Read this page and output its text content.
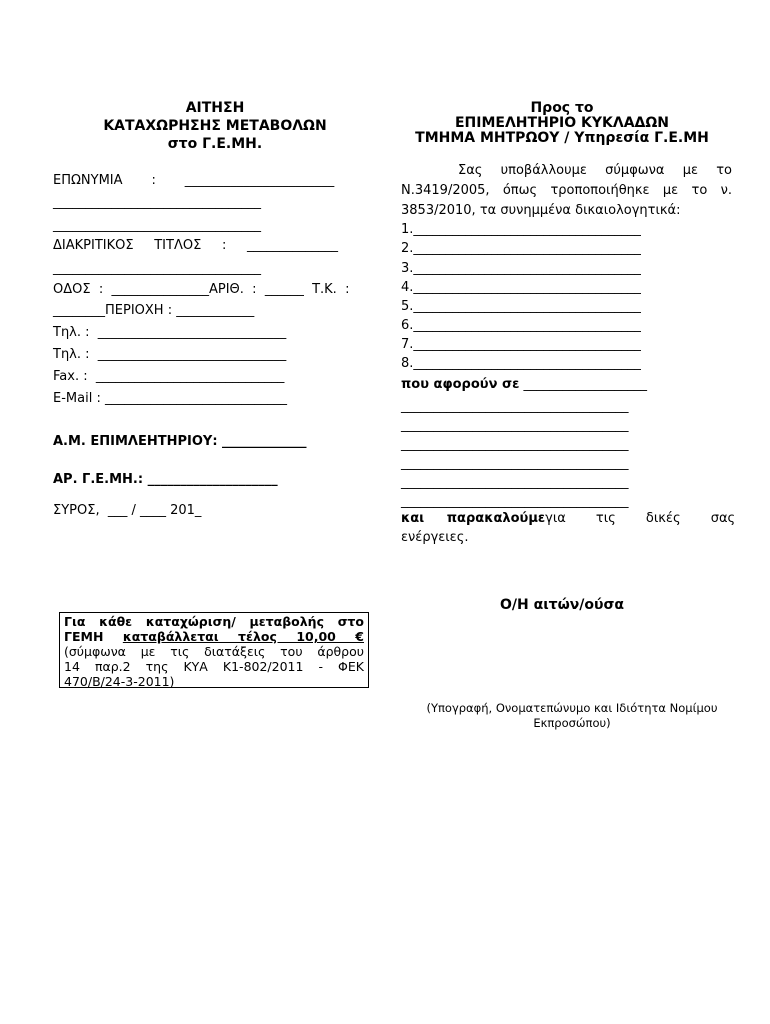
ΑΙΤΗΣΗ
ΚΑΤΑΧΩΡΗΣΗΣ ΜΕΤΑΒΟΛΩΝ
στο Γ.Ε.ΜΗ.
ΕΠΩΝΥΜΙΑ       :       _______________________
________________________________
________________________________
ΔΙΑΚΡΙΤΙΚΟΣ     ΤΙΤΛΟΣ     :     ______________
________________________________
ΟΔΟΣ  :  _______________ΑΡΙΘ.  :  ______  Τ.Κ.  :
________ΠΕΡΙΟΧΗ : ____________
Τηλ. :  _____________________________
Τηλ. :  _____________________________
Fax. :  _____________________________
E-Mail : ____________________________
Α.Μ. ΕΠΙΜΛΕΗΤΗΡΙΟΥ: _____________
ΑΡ. Γ.Ε.ΜΗ.: ____________________
ΣΥΡΟΣ,  ___ / ____ 201_
Για κάθε καταχώριση/ μεταβολής στο
ΓΕΜΗ καταβάλλεται τέλος 10,00 €
(σύμφωνα με τις διατάξεις του άρθρου
14 παρ.2 της ΚΥΑ Κ1-802/2011 - ΦΕΚ
470/Β/24-3-2011)
Προς το
ΕΠΙΜΕΛΗΤΗΡΙΟ ΚΥΚΛΑΔΩΝ
ΤΜΗΜΑ ΜΗΤΡΩΟΥ / Υπηρεσία Γ.Ε.ΜΗ
Σας υποβάλλουμε σύμφωνα με το
Ν.3419/2005, όπως τροποποιήθηκε με το ν.
3853/2010, τα συνημμένα δικαιολογητικά:
1.___________________________________
2.___________________________________
3.___________________________________
4.___________________________________
5.___________________________________
6.___________________________________
7.___________________________________
8.___________________________________
που αφορούν σε ___________________
___________________________________
___________________________________
___________________________________
___________________________________
___________________________________
___________________________________
και παρακαλούμε για τις δικές σας
ενέργειες.
Ο/Η αιτών/ούσα
(Υπογραφή, Ονοματεπώνυμο και Ιδιότητα Νομίμου
Εκπροσώπου)
